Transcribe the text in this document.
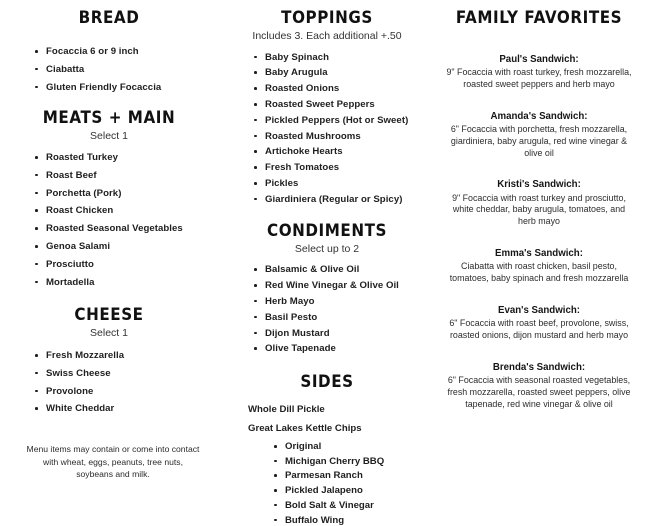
BREAD
Focaccia 6 or 9 inch
Ciabatta
Gluten Friendly Focaccia
MEATS + MAIN
Select 1
Roasted Turkey
Roast Beef
Porchetta (Pork)
Roast Chicken
Roasted Seasonal Vegetables
Genoa Salami
Prosciutto
Mortadella
CHEESE
Select 1
Fresh Mozzarella
Swiss Cheese
Provolone
White Cheddar

Menu items may contain or come into contact with wheat, eggs, peanuts, tree nuts, soybeans and milk.

TOPPINGS
Includes 3. Each additional +.50
Baby Spinach
Baby Arugula
Roasted Onions
Roasted Sweet Peppers
Pickled Peppers (Hot or Sweet)
Roasted Mushrooms
Artichoke Hearts
Fresh Tomatoes
Pickles
Giardiniera (Regular or Spicy)
CONDIMENTS
Select up to 2
Balsamic & Olive Oil
Red Wine Vinegar & Olive Oil
Herb Mayo
Basil Pesto
Dijon Mustard
Olive Tapenade
SIDES
Whole Dill Pickle
Great Lakes Kettle Chips
Original
Michigan Cherry BBQ
Parmesan Ranch
Pickled Jalapeno
Bold Salt & Vinegar
Buffalo Wing
FAMILY FAVORITES
Paul's Sandwich:
9" Focaccia with roast turkey, fresh mozzarella, roasted sweet peppers and herb mayo
Amanda's Sandwich:
6" Focaccia with porchetta, fresh mozzarella, giardiniera, baby arugula, red wine vinegar & olive oil
Kristi's Sandwich:
9" Focaccia with roast turkey and prosciutto, white cheddar, baby arugula, tomatoes, and herb mayo
Emma's Sandwich:
Ciabatta with roast chicken, basil pesto, tomatoes, baby spinach and fresh mozzarella
Evan's Sandwich:
6" Focaccia with roast beef, provolone, swiss, roasted onions, dijon mustard and herb mayo
Brenda's Sandwich:
6" Focaccia with seasonal roasted vegetables, fresh mozzarella, roasted sweet peppers, olive tapenade, red wine vinegar & olive oil
